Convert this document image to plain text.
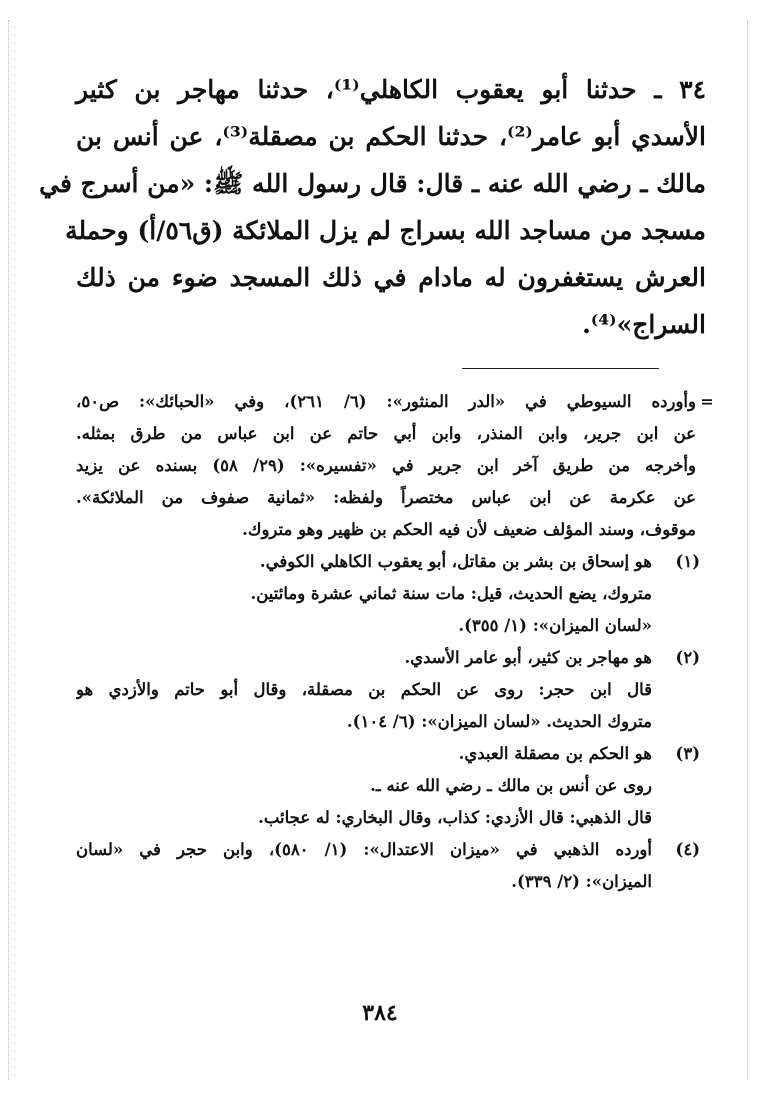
٣٤ ـ حدثنا أبو يعقوب الكاهلي⁽¹⁾، حدثنا مهاجر بن كثير
الأسدي أبو عامر⁽²⁾، حدثنا الحكم بن مصقلة⁽³⁾، عن أنس بن
مالك ـ رضي الله عنه ـ قال: قال رسول الله ﷺ: «من أسرج في
مسجد من مساجد الله بسراج لم يزل الملائكة (ق٥٦/أ) وحملة
العرش يستغفرون له مادام في ذلك المسجد ضوء من ذلك
السراج»⁽⁴⁾.
=
وأورده السيوطي في «الدر المنثور»: (٦/ ٢٦١)، وفي «الحبائك»: ص٥٠،
عن ابن جرير، وابن المنذر، وابن أبي حاتم عن ابن عباس من طرق بمثله.
وأخرجه من طريق آخر ابن جرير في «تفسيره»: (٢٩/ ٥٨) بسنده عن يزيد
عن عكرمة عن ابن عباس مختصراً ولفظه: «ثمانية صفوف من الملائكة».
موقوف، وسند المؤلف ضعيف لأن فيه الحكم بن ظهير وهو متروك.
(١)
هو إسحاق بن بشر بن مقاتل، أبو يعقوب الكاهلي الكوفي.
متروك، يضع الحديث، قيل: مات سنة ثماني عشرة ومائتين.
«لسان الميزان»: (١/ ٣٥٥).
(٢)
هو مهاجر بن كثير، أبو عامر الأسدي.
قال ابن حجر: روى عن الحكم بن مصقلة، وقال أبو حاتم والأزدي هو
متروك الحديث. «لسان الميزان»: (٦/ ١٠٤).
(٣)
هو الحكم بن مصقلة العبدي.
روى عن أنس بن مالك ـ رضي الله عنه ـ.
قال الذهبي: قال الأزدي: كذاب، وقال البخاري: له عجائب.
(٤)
أورده الذهبي في «ميزان الاعتدال»: (١/ ٥٨٠)، وابن حجر في «لسان
الميزان»: (٢/ ٣٣٩).
٣٨٤
